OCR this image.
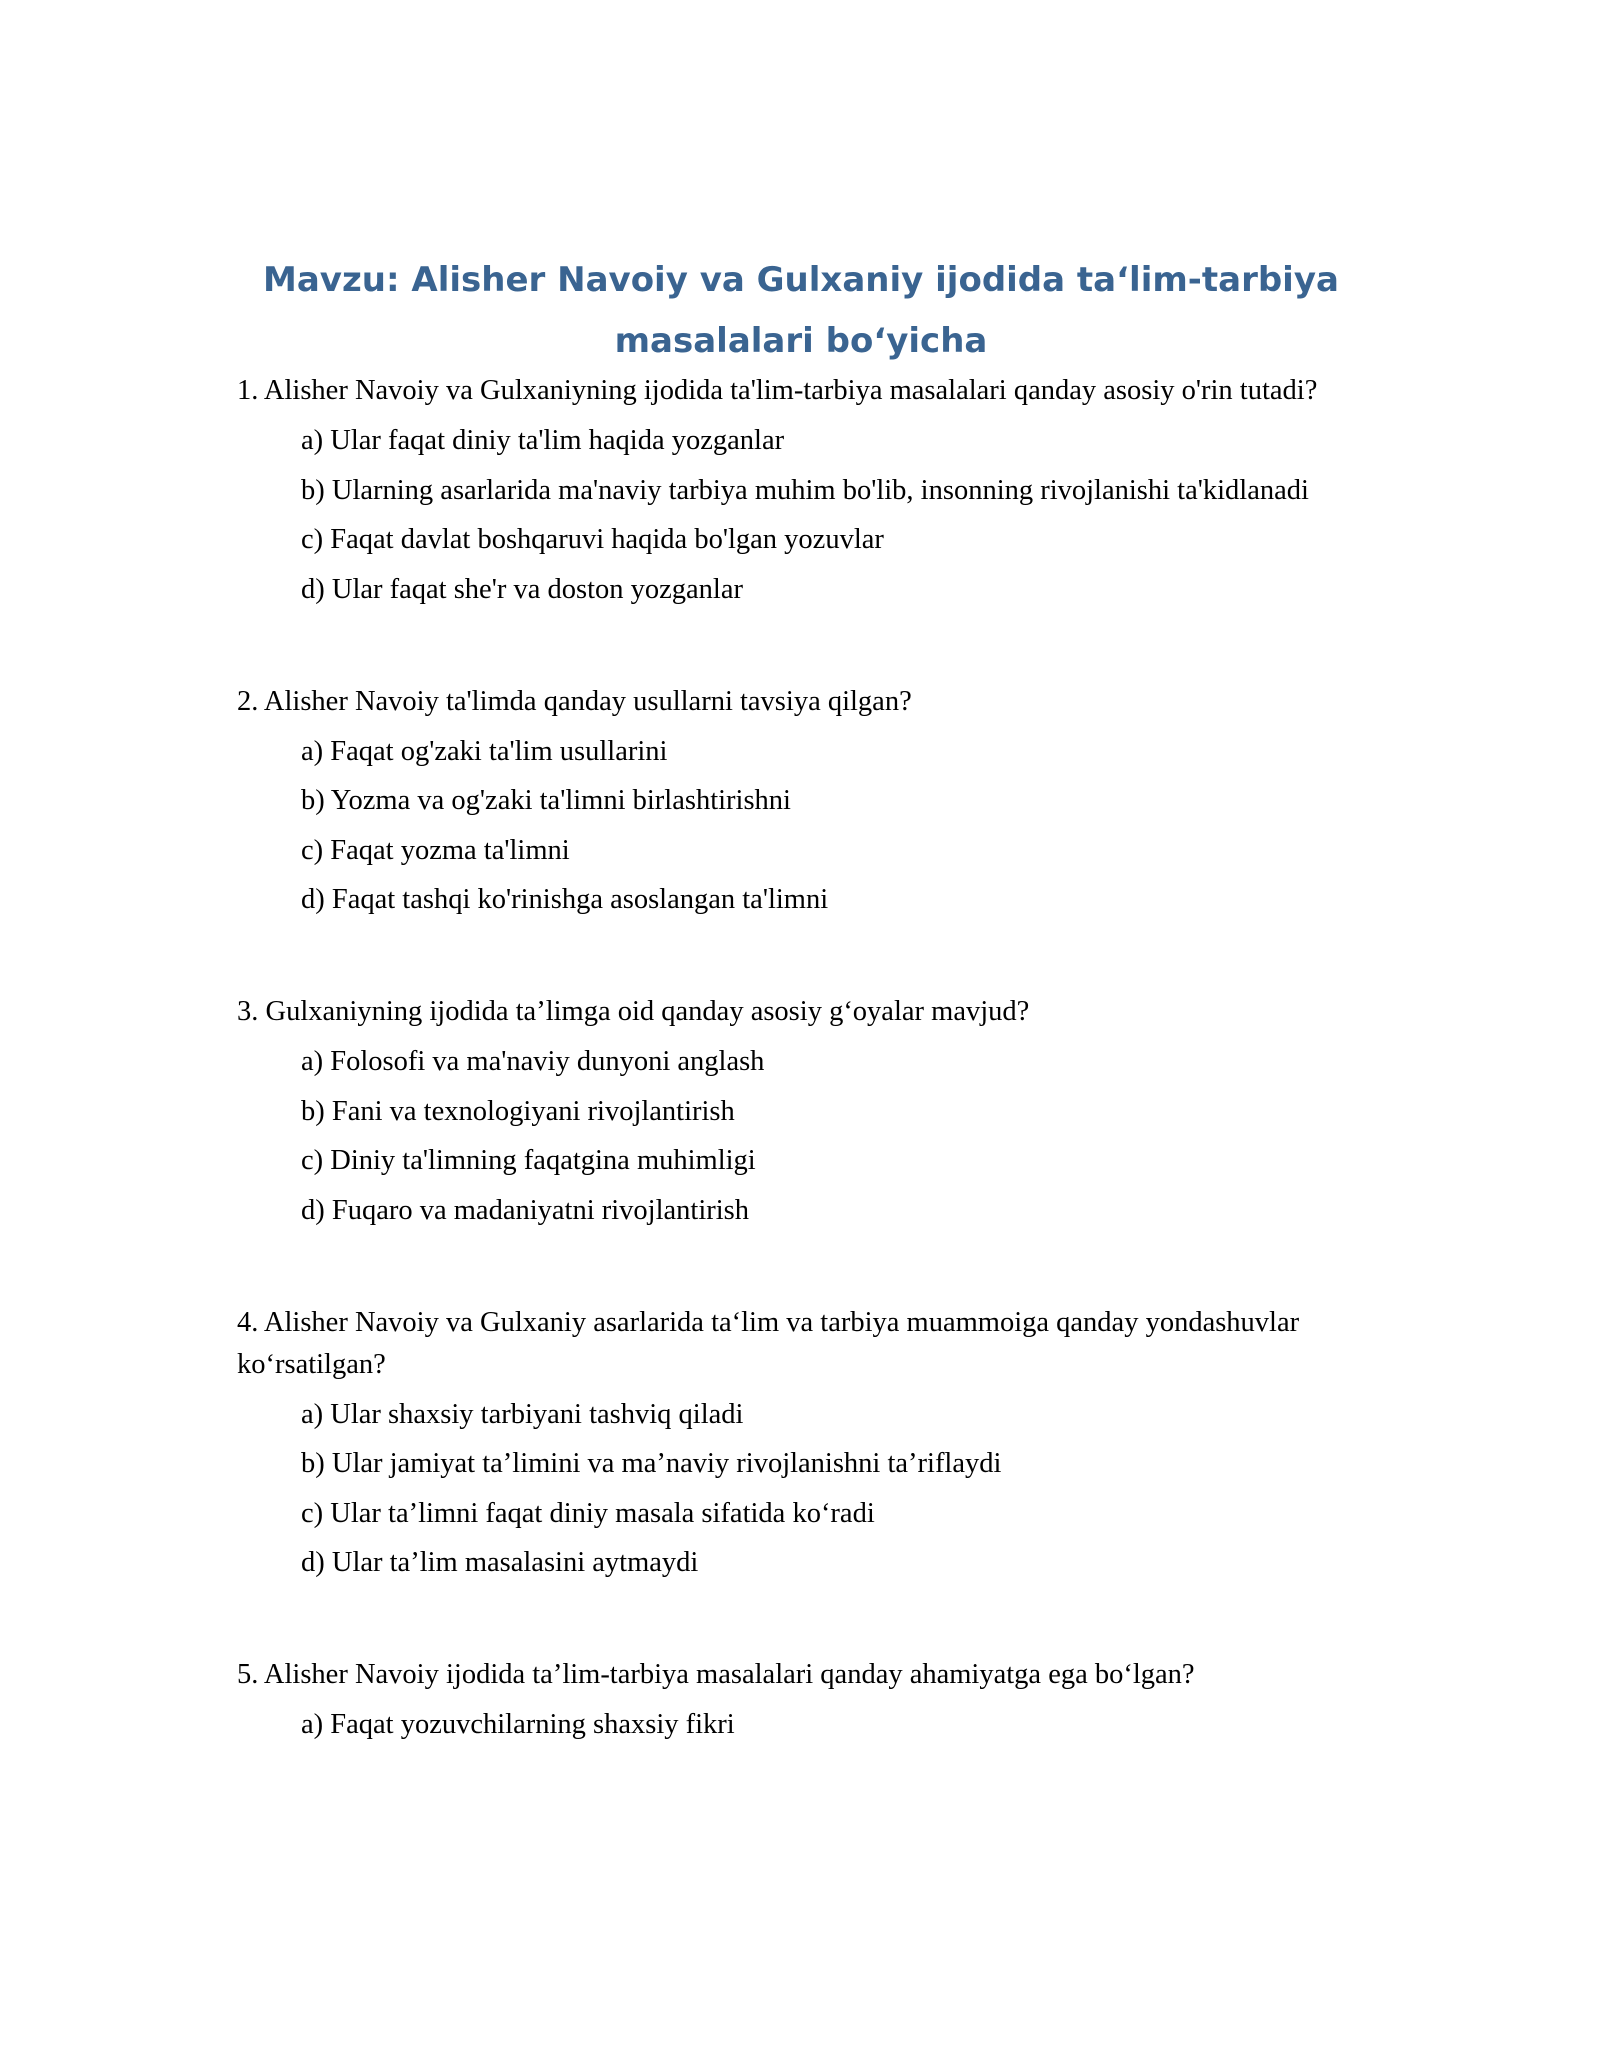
Mavzu: Alisher Navoiy va Gulxaniy ijodida ta‘lim-tarbiya masalalari bo‘yicha

1. Alisher Navoiy va Gulxaniyning ijodida ta'lim-tarbiya masalalari qanday asosiy o'rin tutadi?

a) Ular faqat diniy ta'lim haqida yozganlar
b) Ularning asarlarida ma'naviy tarbiya muhim bo'lib, insonning rivojlanishi ta'kidlanadi
c) Faqat davlat boshqaruvi haqida bo'lgan yozuvlar
d) Ular faqat she'r va doston yozganlar

2. Alisher Navoiy ta'limda qanday usullarni tavsiya qilgan?

a) Faqat og'zaki ta'lim usullarini
b) Yozma va og'zaki ta'limni birlashtirishni
c) Faqat yozma ta'limni
d) Faqat tashqi ko'rinishga asoslangan ta'limni

3. Gulxaniyning ijodida ta’limga oid qanday asosiy g‘oyalar mavjud?

a) Folosofi va ma'naviy dunyoni anglash
b) Fani va texnologiyani rivojlantirish
c) Diniy ta'limning faqatgina muhimligi
d) Fuqaro va madaniyatni rivojlantirish

4. Alisher Navoiy va Gulxaniy asarlarida ta‘lim va tarbiya muammoiga qanday yondashuvlar ko‘rsatilgan?

a) Ular shaxsiy tarbiyani tashviq qiladi
b) Ular jamiyat ta’limini va ma’naviy rivojlanishni ta’riflaydi
c) Ular ta’limni faqat diniy masala sifatida ko‘radi
d) Ular ta’lim masalasini aytmaydi

5. Alisher Navoiy ijodida ta’lim-tarbiya masalalari qanday ahamiyatga ega bo‘lgan?

a) Faqat yozuvchilarning shaxsiy fikri
